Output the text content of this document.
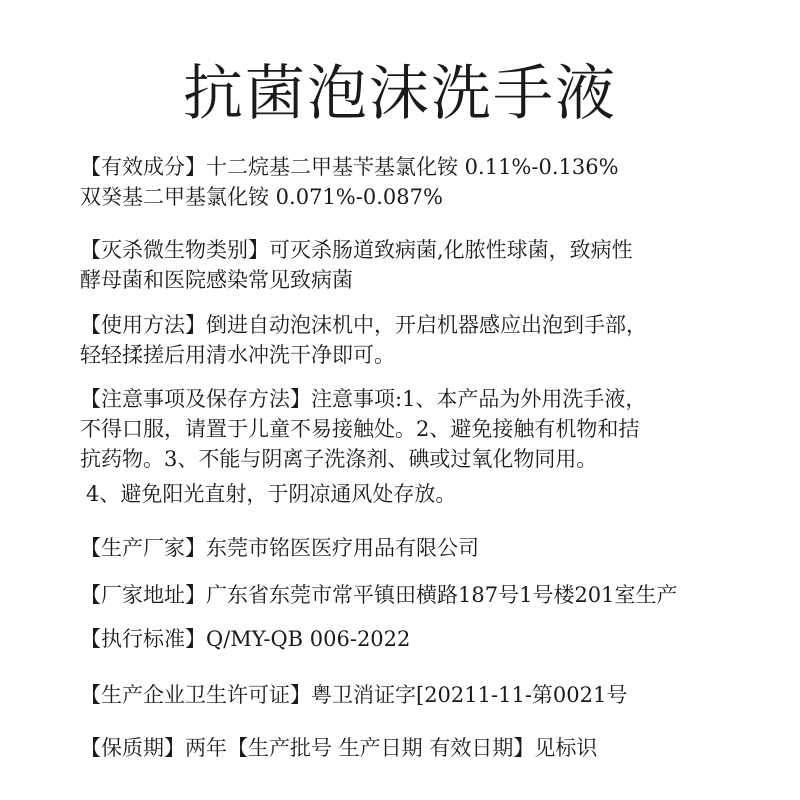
抗菌泡沫洗手液
【有效成分】十二烷基二甲基苄基氯化铵 0.11%-0.136%
双癸基二甲基氯化铵 0.071%-0.087%
【灭杀微生物类别】可灭杀肠道致病菌,化脓性球菌，致病性
酵母菌和医院感染常见致病菌
【使用方法】倒进自动泡沫机中，开启机器感应出泡到手部，
轻轻揉搓后用清水冲洗干净即可。
【注意事项及保存方法】注意事项:1、本产品为外用洗手液，
不得口服，请置于儿童不易接触处。2、避免接触有机物和拮
抗药物。3、不能与阴离子洗涤剂、碘或过氧化物同用。
4、避免阳光直射，于阴凉通风处存放。
【生产厂家】东莞市铭医医疗用品有限公司
【厂家地址】广东省东莞市常平镇田横路187号1号楼201室生产
【执行标准】Q/MY-QB 006-2022
【生产企业卫生许可证】粤卫消证字[20211-11-第0021号
【保质期】两年【生产批号 生产日期 有效日期】见标识
